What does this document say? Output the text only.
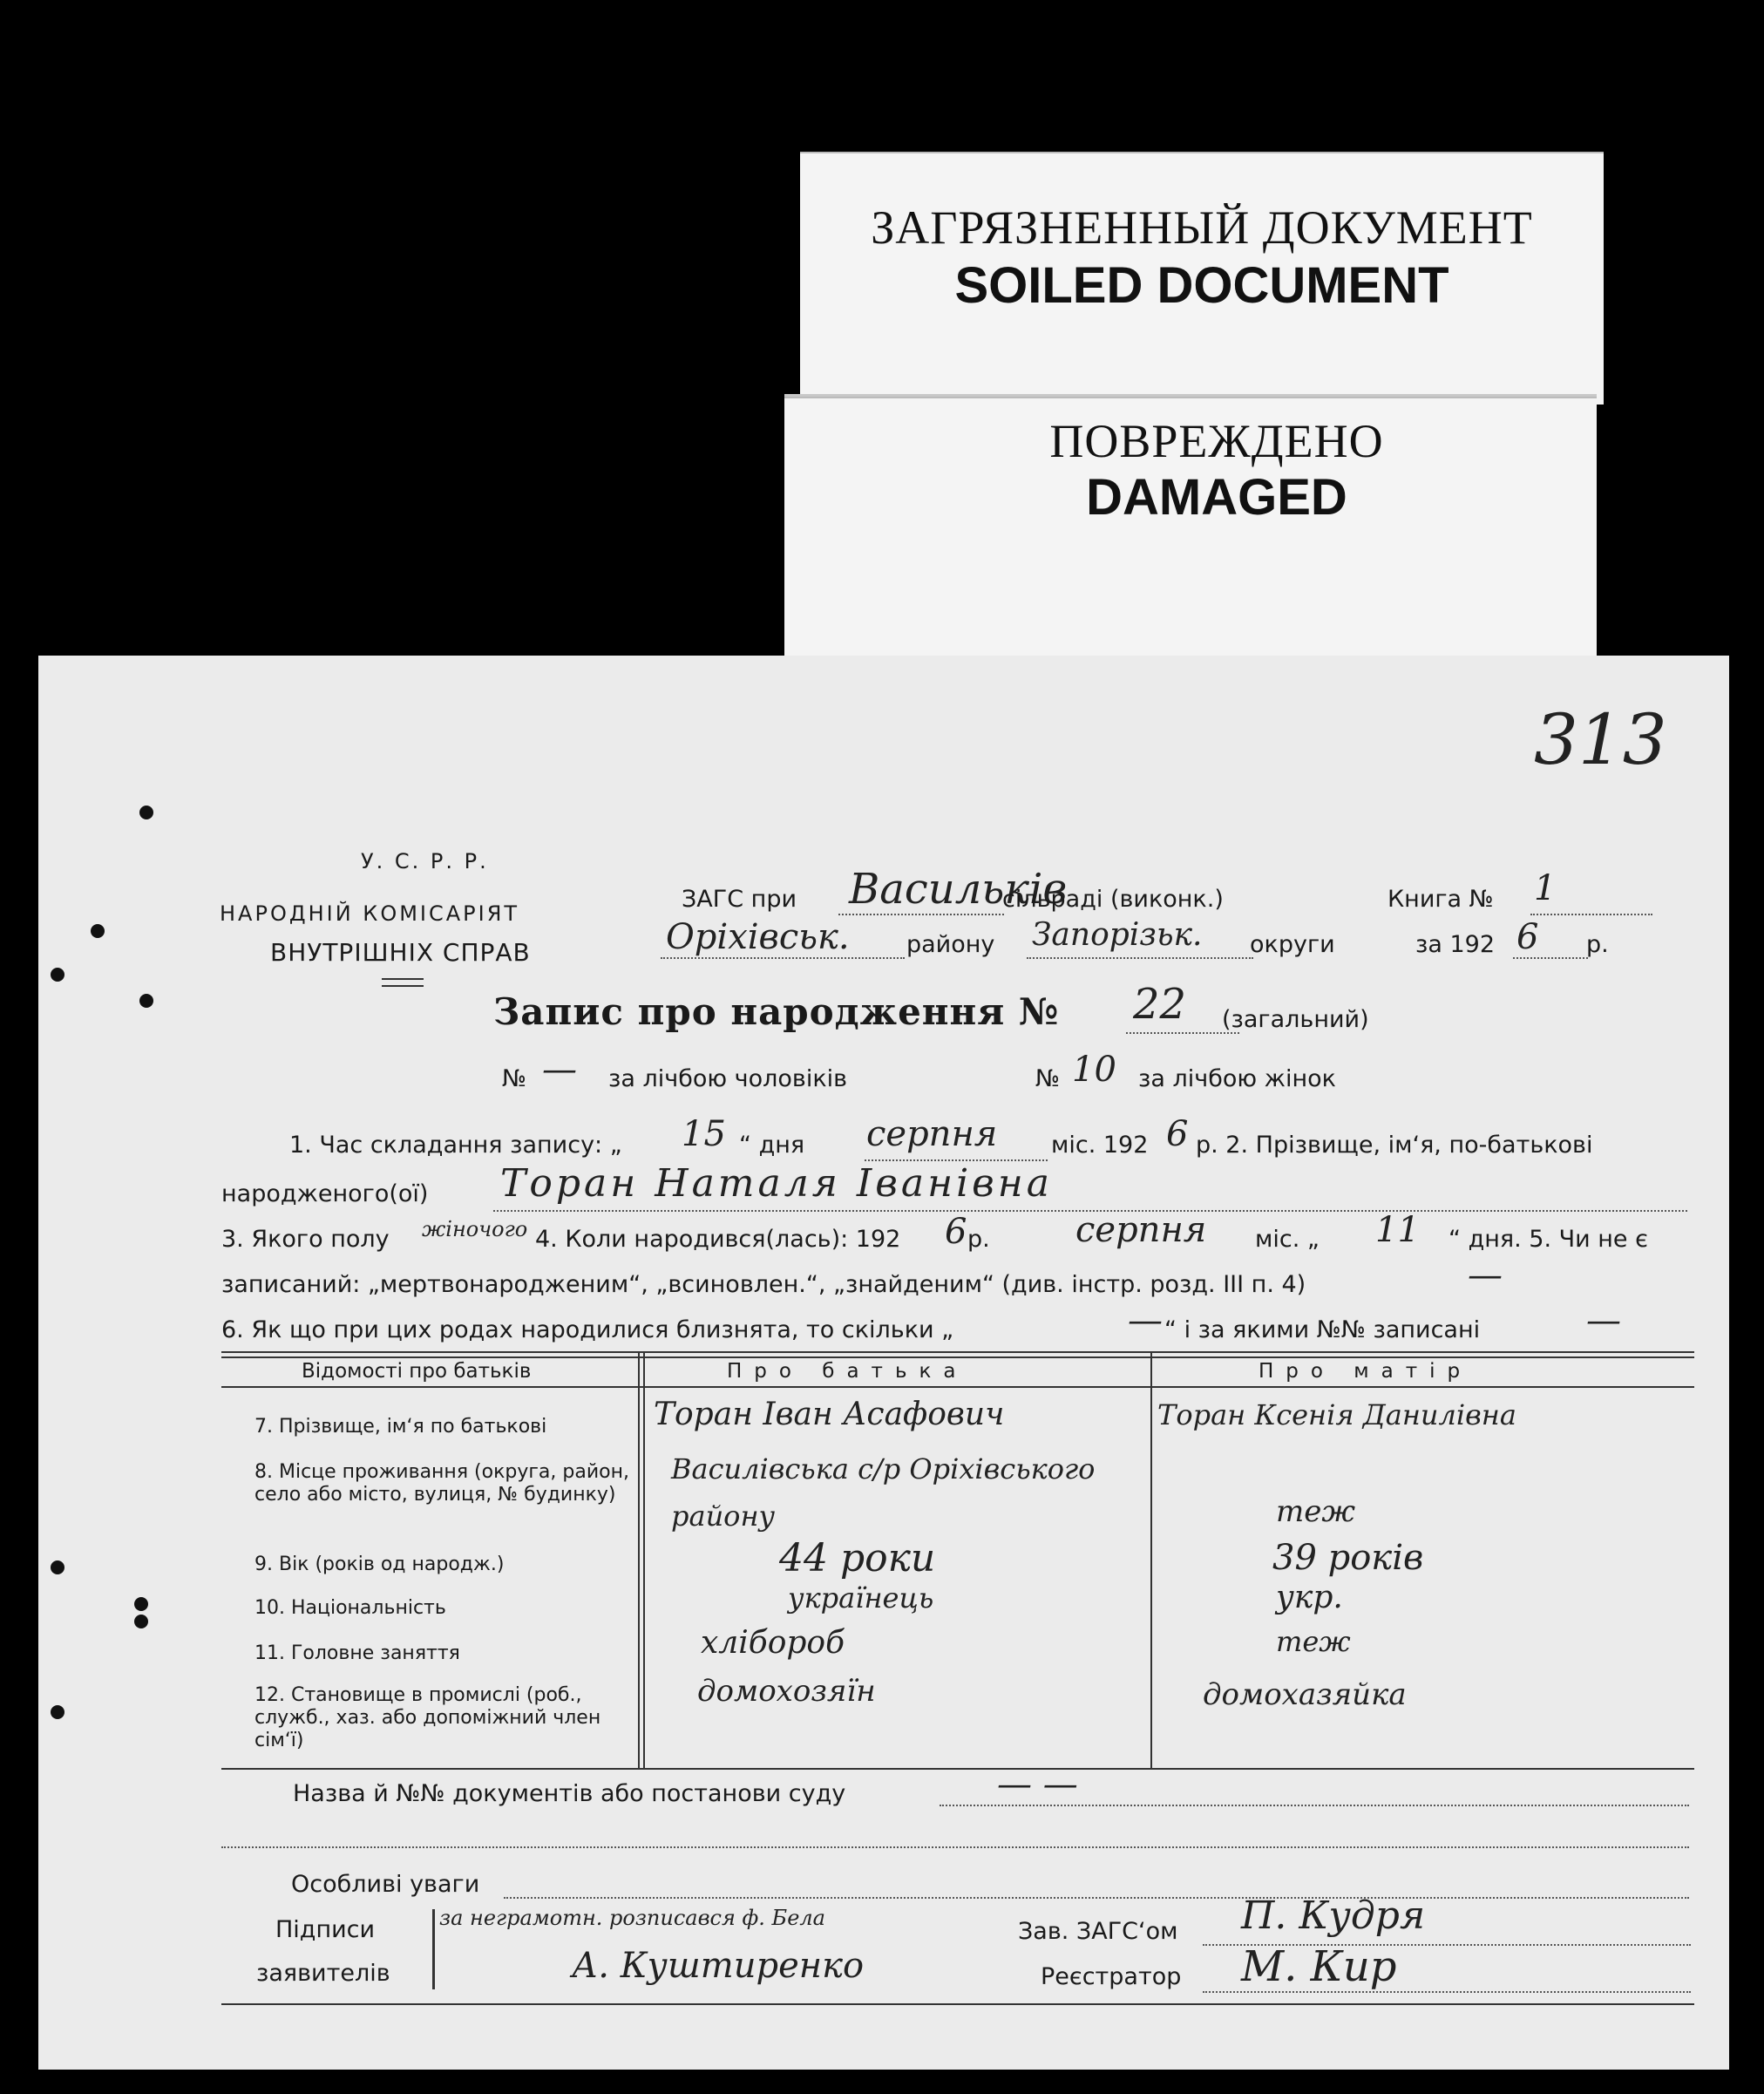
ЗАГРЯЗНЕННЫЙ ДОКУМЕНТ
SOILED DOCUMENT
ПОВРЕЖДЕНО
DAMAGED
313
У. С. Р. Р.
НАРОДНІЙ КОМІСАРІЯТ
ВНУТРІШНІХ СПРАВ
ЗАГС при Васильків
сільраді (виконк.)	Книга № 1
Оріхівськ. району Запорізьк. округи	за 192 6 р.
Запис про народження № 22 (загальний)
№ — за лічбою чоловіків	№ 10 за лічбою жінок
1. Час складання запису: „ 15 “ дня серпня міс. 192 6 р. 2. Прізвище, ім‘я, по-батькові
народженого(ої) Торан Наталя Іванівна
3. Якого полу жіночого 4. Коли народився(лась): 192 6 р. серпня міс. „ 11 “ дня. 5. Чи не є
записаний: „мертвонародженим“, „всиновлен.“, „знайденим“ (див. інстр. розд. III п. 4)	—
6. Як що при цих родах народилися близнята, то скільки „	— “ і за якими №№ записані	—
Відомості про батьків	Про батька	Про матір
7. Прізвище, ім‘я по батькові	Торан Іван Асафович	Торан Ксенія Данилівна
8. Місце проживання (округа, район, село або місто, вулиця, № будинку)
Василівська с/р Оріхівського району	теж
9. Вік (років од народж.)	44 роки	39 років
10. Національність	українець	укр.
11. Головне заняття	хлібороб	теж
12. Становище в промислі (роб., служб., хаз. або допоміжний член сім‘ї)
домохозяїн	домохазяйка
Назва й №№ документів або постанови суду	— —
Особливі уваги
Підписи
заявителів
за неграмотн. розписався ф. Бела
А. Куштиренко
Зав. ЗАГС‘ом П. Кудря
Реєстратор М. Кир
